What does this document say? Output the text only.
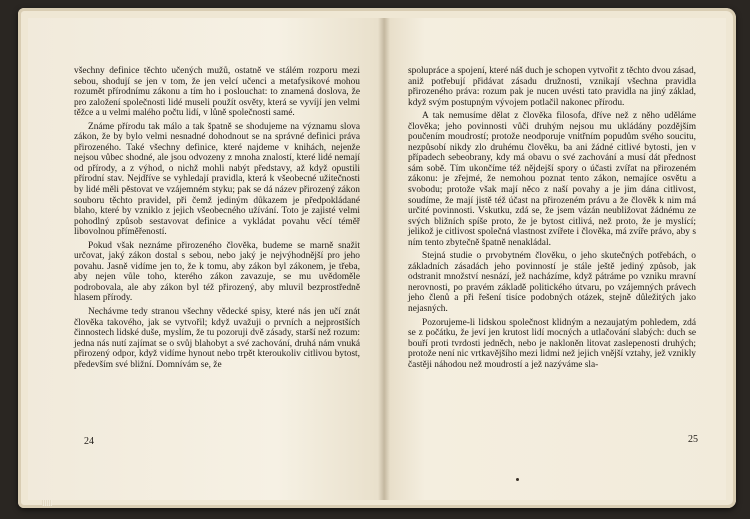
všechny definice těchto učených mužů, ostatně ve stálém rozporu mezi sebou, shodují se jen v tom, že jen velcí učenci a metafysikové mohou rozumět přírodnímu zákonu a tím ho i poslouchat: to znamená doslova, že pro založení společnosti lidé museli použít osvěty, která se vyvíjí jen velmi těžce a u velmi malého počtu lidí, v lůně společnosti samé.

Známe přírodu tak málo a tak špatně se shodujeme na významu slova zákon, že by bylo velmi nesnadné dohodnout se na správné definici práva přirozeného. Také všechny definice, které najdeme v knihách, nejenže nejsou vůbec shodné, ale jsou odvozeny z mnoha znalostí, které lidé nemají od přírody, a z výhod, o nichž mohli nabýt představy, až když opustili přírodní stav. Nejdříve se vyhledají pravidla, která k všeobecné užitečnosti by lidé měli pěstovat ve vzájemném styku; pak se dá název přirozený zákon souboru těchto pravidel, při čemž jediným důkazem je předpokládané blaho, které by vzniklo z jejich všeobecného užívání. Toto je zajisté velmi pohodlný způsob sestavovat definice a vykládat povahu věcí téměř libovolnou příměřeností.

Pokud však neznáme přirozeného člověka, budeme se marně snažit určovat, jaký zákon dostal s sebou, nebo jaký je nejvýhodnější pro jeho povahu. Jasně vidíme jen to, že k tomu, aby zákon byl zákonem, je třeba, aby nejen vůle toho, kterého zákon zavazuje, se mu uvědoměle podrobovala, ale aby zákon byl též přirozený, aby mluvil bezprostředně hlasem přírody.

Nechávme tedy stranou všechny vědecké spisy, které nás jen učí znát člověka takového, jak se vytvořil; když uvažuji o prvních a nejprostších činnostech lidské duše, myslím, že tu pozoruji dvě zásady, starší než rozum: jedna nás nutí zajímat se o svůj blahobyt a své zachování, druhá nám vnuká přirozený odpor, když vidíme hynout nebo trpět kteroukoliv citlivou bytost, především své bližní. Domnívám se, že

24

spolupráce a spojení, které náš duch je schopen vytvořit z těchto dvou zásad, aniž potřebují přidávat zásadu družnosti, vznikají všechna pravidla přirozeného práva: rozum pak je nucen uvésti tato pravidla na jiný základ, když svým postupným vývojem potlačil nakonec přírodu.

A tak nemusíme dělat z člověka filosofa, dříve než z něho uděláme člověka; jeho povinnosti vůči druhým nejsou mu ukládány pozdějším poučením moudrostí; protože neodporuje vnitřním popudům svého soucitu, nezpůsobí nikdy zlo druhému člověku, ba ani žádné citlivé bytosti, jen v případech sebeobrany, kdy má obavu o své zachování a musí dát přednost sám sobě. Tím ukončíme též nějdejší spory o účasti zvířat na přirozeném zákonu: je zřejmé, že nemohou poznat tento zákon, nemajíce osvětu a svobodu; protože však mají něco z naší povahy a je jim dána citlivost, soudíme, že mají jistě též účast na přirozeném právu a že člověk k nim má určité povinnosti. Vskutku, zdá se, že jsem vázán neubližovat žádnému ze svých bližních spíše proto, že je bytost citlivá, než proto, že je myslící; jelikož je citlivost společná vlastnost zvířete i člověka, má zvíře právo, aby s ním tento zbytečně špatně nenakládal.

Stejná studie o prvobytném člověku, o jeho skutečných potřebách, o základních zásadách jeho povinností je stále ještě jediný způsob, jak odstranit množství nesnází, jež nacházíme, když pátráme po vzniku mravní nerovnosti, po pravém základě politického útvaru, po vzájemných právech jeho členů a při řešení tisíce podobných otázek, stejně důležitých jako nejasných.

Pozorujeme-li lidskou společnost klidným a nezaujatým pohledem, zdá se z počátku, že jeví jen krutost lidí mocných a utlačování slabých: duch se bouří proti tvrdosti jedněch, nebo je nakloněn litovat zaslepenosti druhých; protože není nic vrtkavějšího mezi lidmi než jejich vnější vztahy, jež vznikly častěji náhodou než moudrostí a jež nazýváme sla-

25
